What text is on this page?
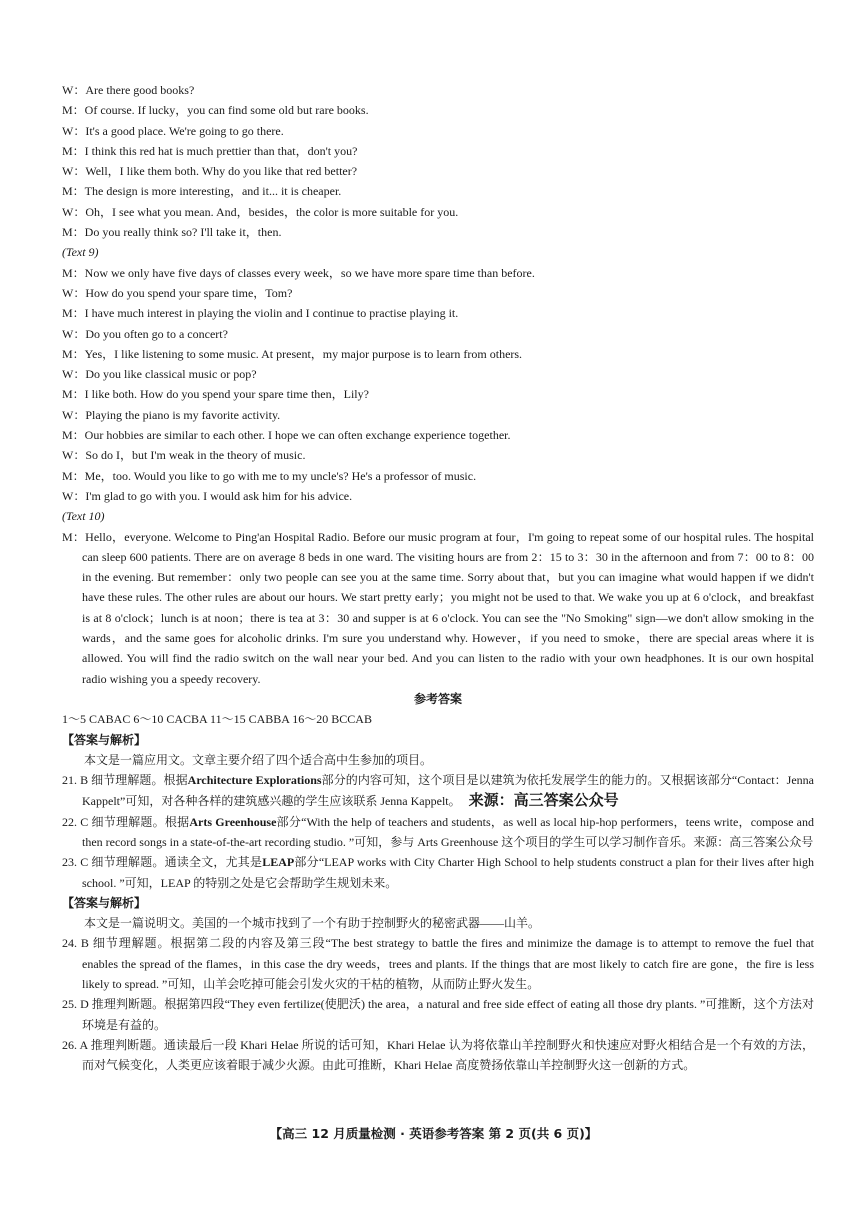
W：Are there good books?
M：Of course. If lucky，you can find some old but rare books.
W：It's a good place. We're going to go there.
M：I think this red hat is much prettier than that，don't you?
W：Well，I like them both. Why do you like that red better?
M：The design is more interesting，and it... it is cheaper.
W：Oh，I see what you mean. And，besides，the color is more suitable for you.
M：Do you really think so? I'll take it，then.
(Text 9)
M：Now we only have five days of classes every week，so we have more spare time than before.
W：How do you spend your spare time，Tom?
M：I have much interest in playing the violin and I continue to practise playing it.
W：Do you often go to a concert?
M：Yes，I like listening to some music. At present，my major purpose is to learn from others.
W：Do you like classical music or pop?
M：I like both. How do you spend your spare time then，Lily?
W：Playing the piano is my favorite activity.
M：Our hobbies are similar to each other. I hope we can often exchange experience together.
W：So do I，but I'm weak in the theory of music.
M：Me，too. Would you like to go with me to my uncle's? He's a professor of music.
W：I'm glad to go with you. I would ask him for his advice.
(Text 10)
M：Hello，everyone. Welcome to Ping'an Hospital Radio. Before our music program at four，I'm going to repeat some of our hospital rules. The hospital can sleep 600 patients. There are on average 8 beds in one ward. The visiting hours are from 2：15 to 3：30 in the afternoon and from 7：00 to 8：00 in the evening. But remember：only two people can see you at the same time. Sorry about that，but you can imagine what would happen if we didn't have these rules. The other rules are about our hours. We start pretty early；you might not be used to that. We wake you up at 6 o'clock，and breakfast is at 8 o'clock；lunch is at noon；there is tea at 3：30 and supper is at 6 o'clock. You can see the "No Smoking" sign—we don't allow smoking in the wards，and the same goes for alcoholic drinks. I'm sure you understand why. However，if you need to smoke，there are special areas where it is allowed. You will find the radio switch on the wall near your bed. And you can listen to the radio with your own headphones. It is our own hospital radio wishing you a speedy recovery.
参考答案
1～5 CABAC 6～10 CACBA 11～15 CABBA 16～20 BCCAB
【答案与解析】
本文是一篇应用文。文章主要介绍了四个适合高中生参加的项目。
21. B 细节理解题。根据Architecture Explorations部分的内容可知，这个项目是以建筑为依托发展学生的能力的。又根据该部分“Contact：Jenna Kappelt”可知，对各种各样的建筑感兴趣的学生应该联系 Jenna Kappelt。 来源：高三答案公众号
22. C 细节理解题。根据Arts Greenhouse部分“With the help of teachers and students，as well as local hip-hop performers，teens write，compose and then record songs in a state-of-the-art recording studio. ”可知，参与 Arts Greenhouse 这个项目的学生可以学习制作音乐。来源：高三答案公众号
23. C 细节理解题。通读全文，尤其是LEAP部分“LEAP works with City Charter High School to help students construct a plan for their lives after high school. ”可知，LEAP 的特别之处是它会帮助学生规划未来。
【答案与解析】
本文是一篇说明文。美国的一个城市找到了一个有助于控制野火的秘密武器——山羊。
24. B 细节理解题。根据第二段的内容及第三段“The best strategy to battle the fires and minimize the damage is to attempt to remove the fuel that enables the spread of the flames，in this case the dry weeds，trees and plants. If the things that are most likely to catch fire are gone，the fire is less likely to spread. ”可知，山羊会吃掉可能会引发火灾的干枯的植物，从而防止野火发生。
25. D 推理判断题。根据第四段“They even fertilize(使肥沃) the area，a natural and free side effect of eating all those dry plants. ”可推断，这个方法对环境是有益的。
26. A 推理判断题。通读最后一段 Khari Helae 所说的话可知，Khari Helae 认为将依靠山羊控制野火和快速应对野火相结合是一个有效的方法，而对气候变化，人类更应该着眼于减少火源。由此可推断，Khari Helae 高度赞扬依靠山羊控制野火这一创新的方式。
【高三 12 月质量检测 · 英语参考答案 第 2 页(共 6 页)】
